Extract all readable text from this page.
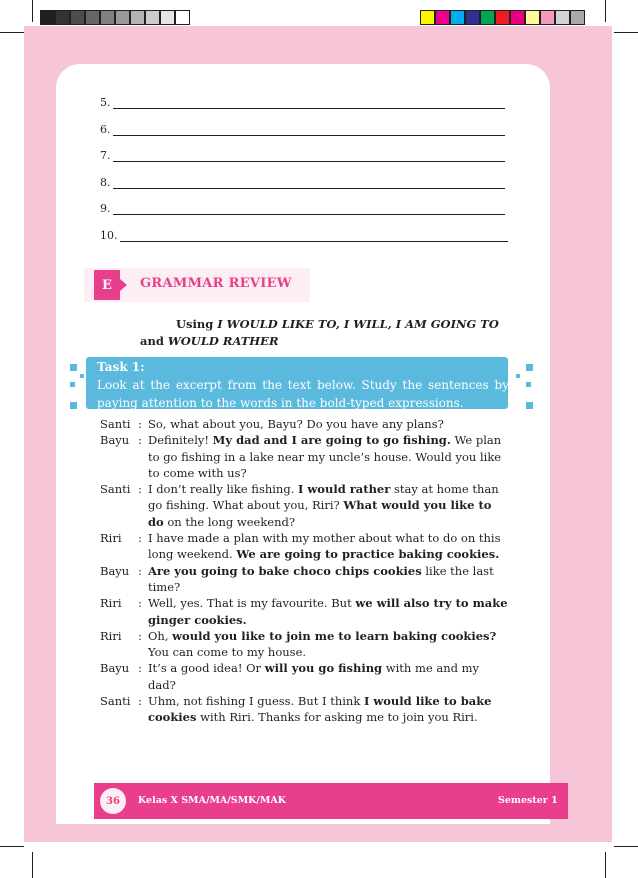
5.
6.
7.
8.
9.
10.
E	GRAMMAR REVIEW
Using I WOULD LIKE TO, I WILL, I AM GOING TO
and WOULD RATHER
Task 1:
Look at the excerpt from the text below. Study the sentences by paying attention to the words in the bold-typed expressions.
Santi : So, what about you, Bayu? Do you have any plans?
Bayu : Definitely! My dad and I are going to go fishing. We plan to go fishing in a lake near my uncle’s house. Would you like to come with us?
Santi : I don’t really like fishing. I would rather stay at home than go fishing. What about you, Riri? What would you like to do on the long weekend?
Riri	: I have made a plan with my mother about what to do on this long weekend. We are going to practice baking cookies.
Bayu : Are you going to bake choco chips cookies like the last time?
Riri	: Well, yes. That is my favourite. But we will also try to make ginger cookies.
Riri	: Oh, would you like to join me to learn baking cookies? You can come to my house.
Bayu : It’s a good idea! Or will you go fishing with me and my dad?
Santi : Uhm, not fishing I guess. But I think I would like to bake cookies with Riri. Thanks for asking me to join you Riri.
36	Kelas X SMA/MA/SMK/MAK	Semester 1
